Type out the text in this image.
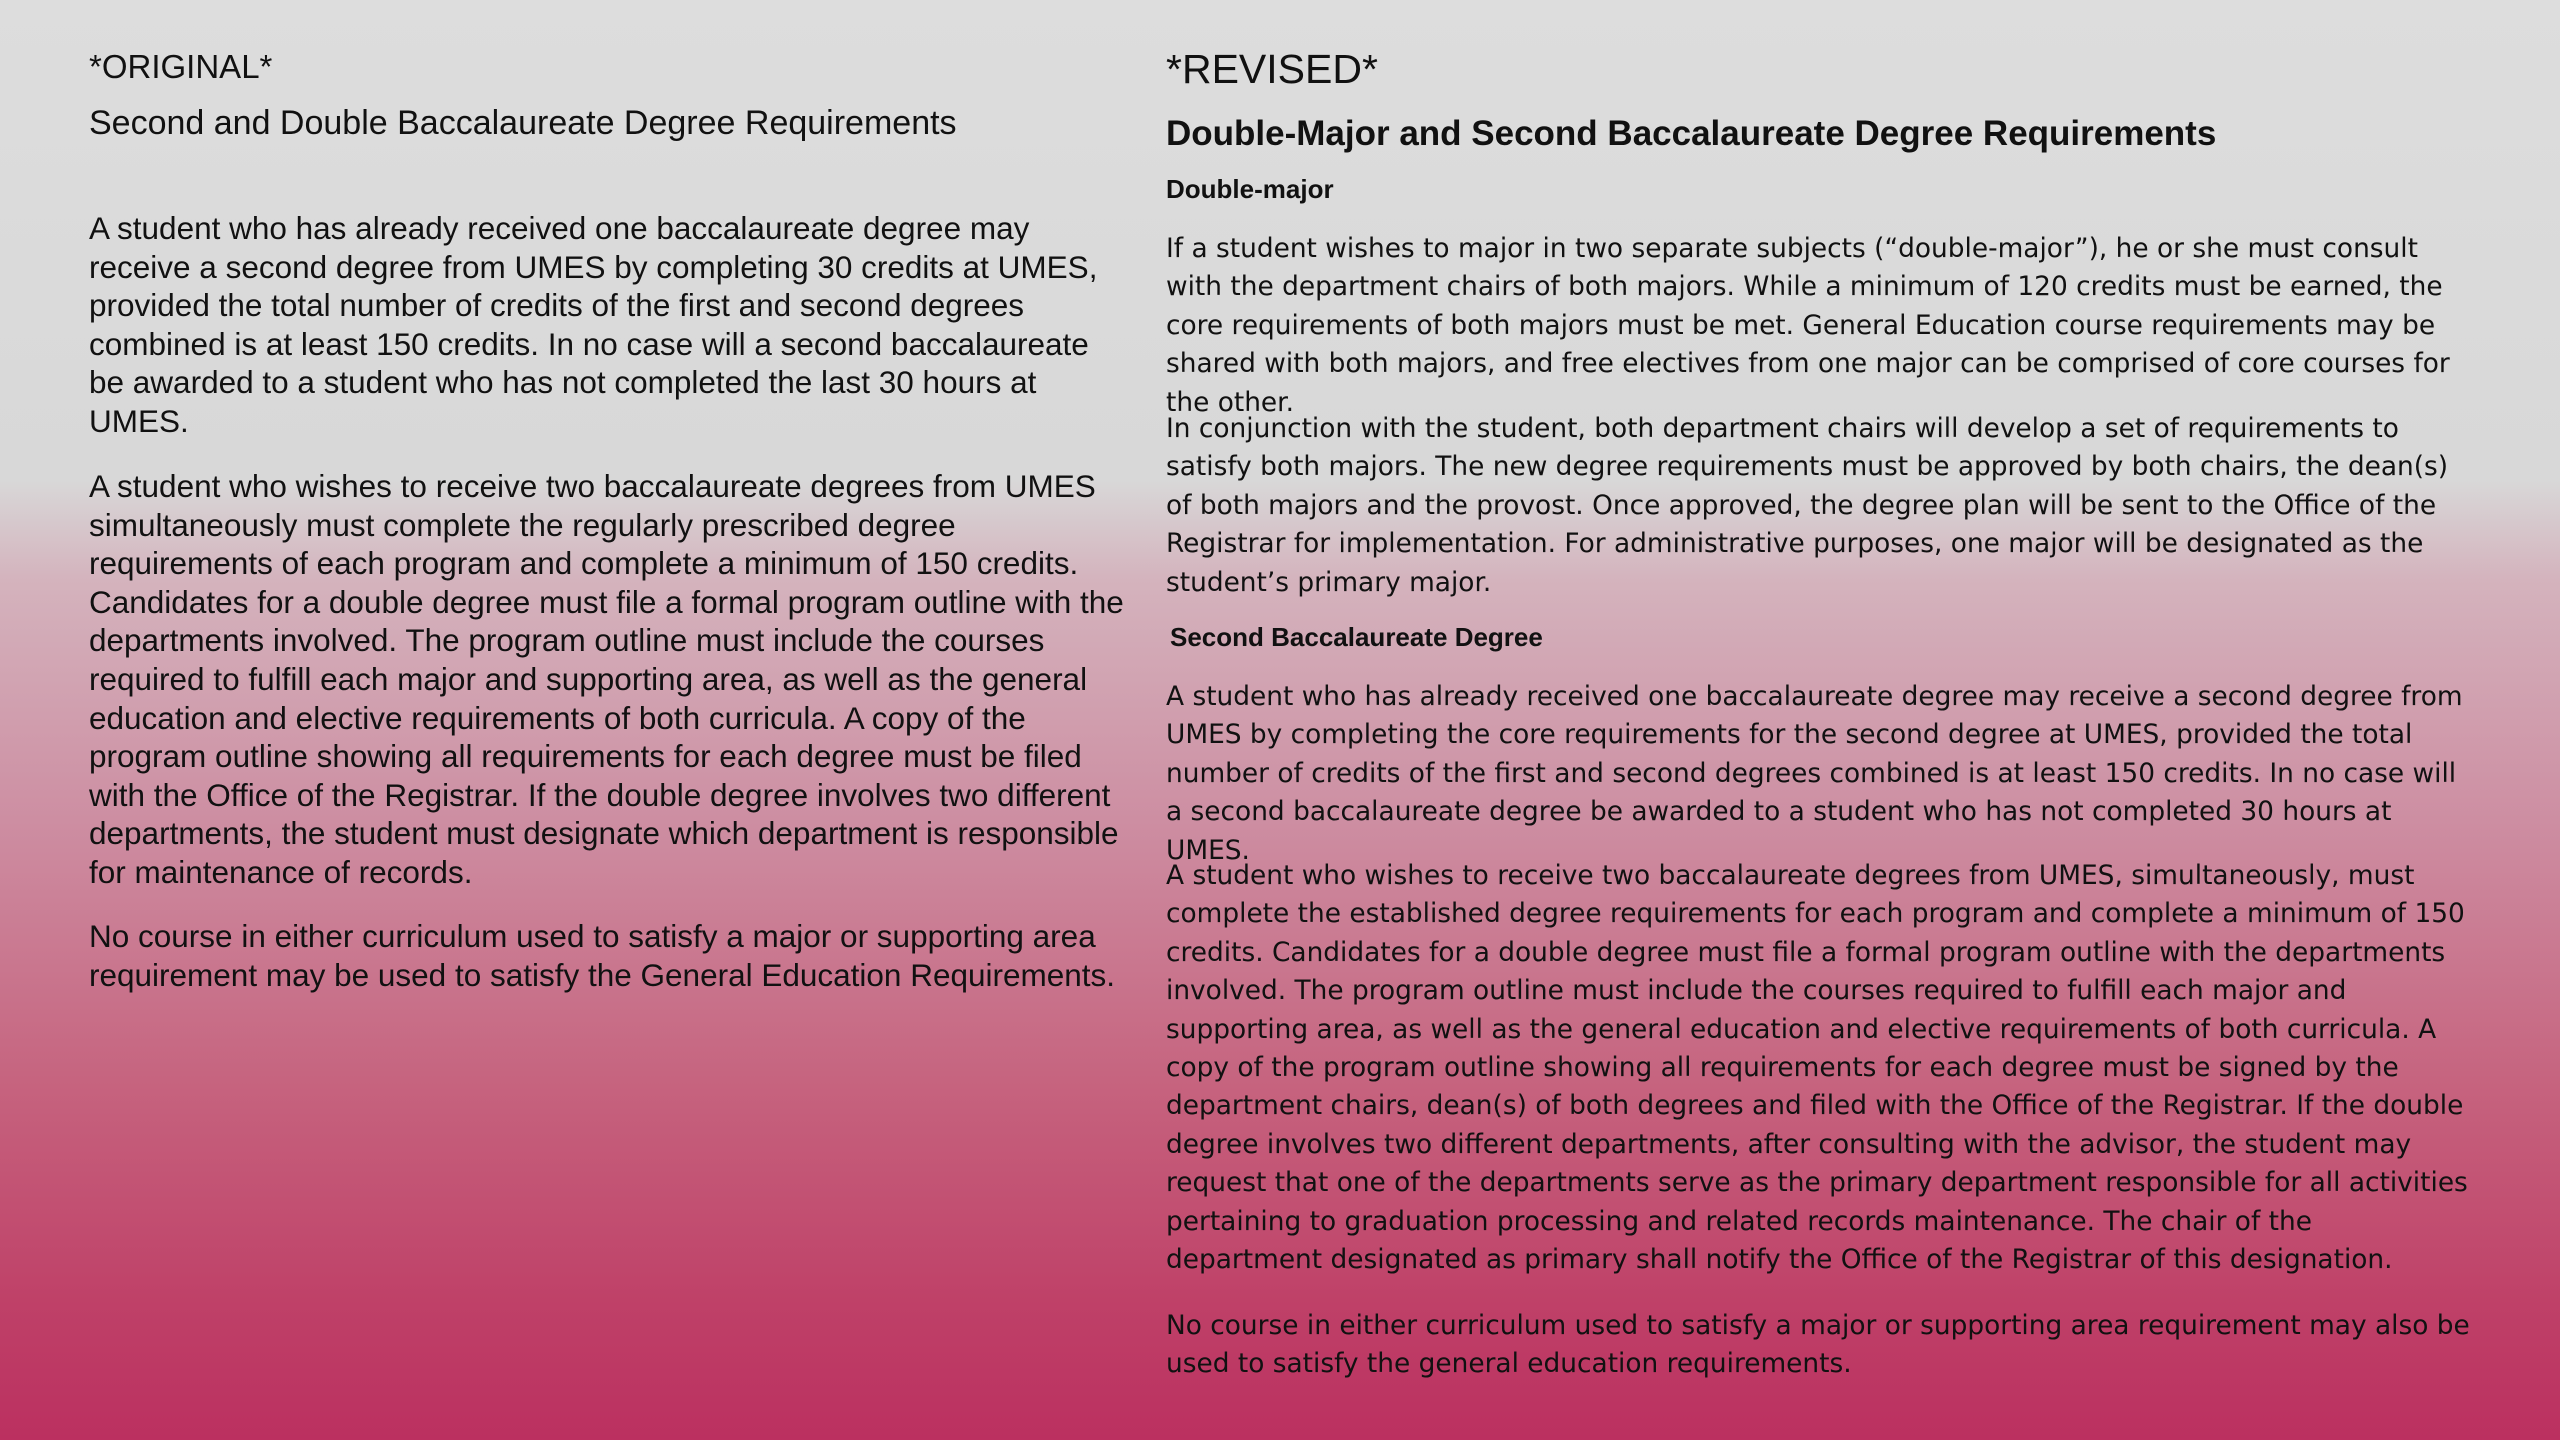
*ORIGINAL*
Second and Double Baccalaureate Degree Requirements

A student who has already received one baccalaureate degree may receive a second degree from UMES by completing 30 credits at UMES, provided the total number of credits of the first and second degrees combined is at least 150 credits. In no case will a second baccalaureate be awarded to a student who has not completed the last 30 hours at UMES.

A student who wishes to receive two baccalaureate degrees from UMES simultaneously must complete the regularly prescribed degree requirements of each program and complete a minimum of 150 credits. Candidates for a double degree must file a formal program outline with the departments involved. The program outline must include the courses required to fulfill each major and supporting area, as well as the general education and elective requirements of both curricula. A copy of the program outline showing all requirements for each degree must be filed with the Office of the Registrar. If the double degree involves two different departments, the student must designate which department is responsible for maintenance of records.

No course in either curriculum used to satisfy a major or supporting area requirement may be used to satisfy the General Education Requirements.

*REVISED*
Double-Major and Second Baccalaureate Degree Requirements
Double-major

If a student wishes to major in two separate subjects (“double-major”), he or she must consult with the department chairs of both majors. While a minimum of 120 credits must be earned, the core requirements of both majors must be met. General Education course requirements may be shared with both majors, and free electives from one major can be comprised of core courses for the other.

In conjunction with the student, both department chairs will develop a set of requirements to satisfy both majors. The new degree requirements must be approved by both chairs, the dean(s) of both majors and the provost. Once approved, the degree plan will be sent to the Office of the Registrar for implementation. For administrative purposes, one major will be designated as the student’s primary major.

Second Baccalaureate Degree

A student who has already received one baccalaureate degree may receive a second degree from UMES by completing the core requirements for the second degree at UMES, provided the total number of credits of the first and second degrees combined is at least 150 credits. In no case will a second baccalaureate degree be awarded to a student who has not completed 30 hours at UMES.

A student who wishes to receive two baccalaureate degrees from UMES, simultaneously, must complete the established degree requirements for each program and complete a minimum of 150 credits. Candidates for a double degree must file a formal program outline with the departments involved. The program outline must include the courses required to fulfill each major and supporting area, as well as the general education and elective requirements of both curricula. A copy of the program outline showing all requirements for each degree must be signed by the department chairs, dean(s) of both degrees and filed with the Office of the Registrar. If the double degree involves two different departments, after consulting with the advisor, the student may request that one of the departments serve as the primary department responsible for all activities pertaining to graduation processing and related records maintenance. The chair of the department designated as primary shall notify the Office of the Registrar of this designation.

No course in either curriculum used to satisfy a major or supporting area requirement may also be used to satisfy the general education requirements.
